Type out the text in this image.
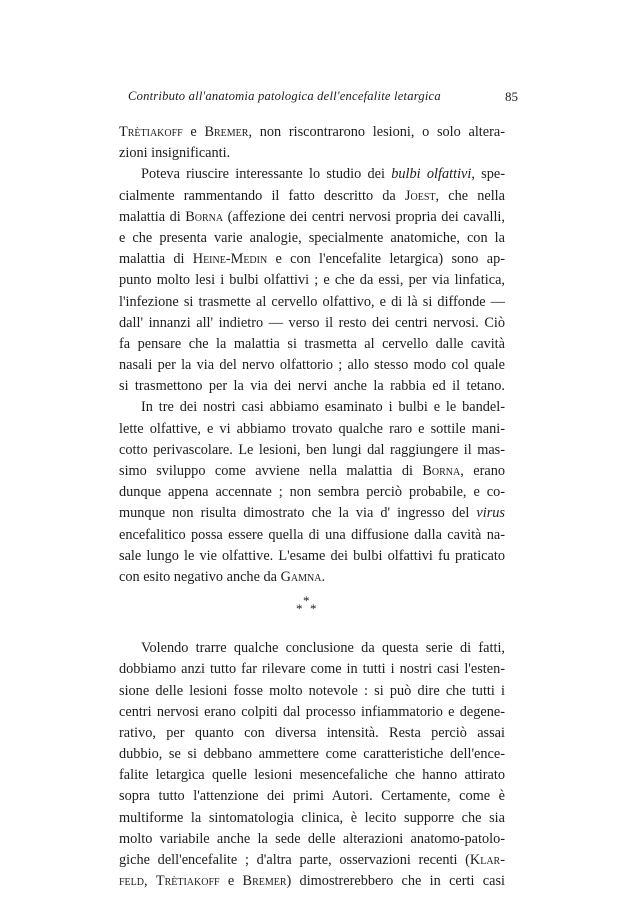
Contributo all'anatomia patologica dell'encefalite letargica	85
Trètiakoff e Bremer, non riscontrarono lesioni, o solo altera-
zioni insignificanti.
Poteva riuscire interessante lo studio dei bulbi olfattivi, spe-
cialmente rammentando il fatto descritto da Joest, che nella
malattia di Borna (affezione dei centri nervosi propria dei cavalli,
e che presenta varie analogie, specialmente anatomiche, con la
malattia di Heine-Medin e con l'encefalite letargica) sono ap-
punto molto lesi i bulbi olfattivi ; e che da essi, per via linfatica,
l'infezione si trasmette al cervello olfattivo, e di là si diffonde —
dall' innanzi all' indietro — verso il resto dei centri nervosi. Ciò
fa pensare che la malattia si trasmetta al cervello dalle cavità
nasali per la via del nervo olfattorio ; allo stesso modo col quale
si trasmettono per la via dei nervi anche la rabbia ed il tetano.
In tre dei nostri casi abbiamo esaminato i bulbi e le bandel-
lette olfattive, e vi abbiamo trovato qualche raro e sottile mani-
cotto perivascolare. Le lesioni, ben lungi dal raggiungere il mas-
simo sviluppo come avviene nella malattia di Borna, erano
dunque appena accennate ; non sembra perciò probabile, e co-
munque non risulta dimostrato che la via d' ingresso del virus
encefalitico possa essere quella di una diffusione dalla cavità na-
sale lungo le vie olfattive. L'esame dei bulbi olfattivi fu praticato
con esito negativo anche da Gamna.
*
* *
Volendo trarre qualche conclusione da questa serie di fatti,
dobbiamo anzi tutto far rilevare come in tutti i nostri casi l'esten-
sione delle lesioni fosse molto notevole : si può dire che tutti i
centri nervosi erano colpiti dal processo infiammatorio e degene-
rativo, per quanto con diversa intensità. Resta perciò assai
dubbio, se si debbano ammettere come caratteristiche dell'ence-
falite letargica quelle lesioni mesencefaliche che hanno attirato
sopra tutto l'attenzione dei primi Autori. Certamente, come è
multiforme la sintomatologia clinica, è lecito supporre che sia
molto variabile anche la sede delle alterazioni anatomo-patolo-
giche dell'encefalite ; d'altra parte, osservazioni recenti (Klar-
feld, Trètiakoff e Bremer) dimostrerebbero che in certi casi
